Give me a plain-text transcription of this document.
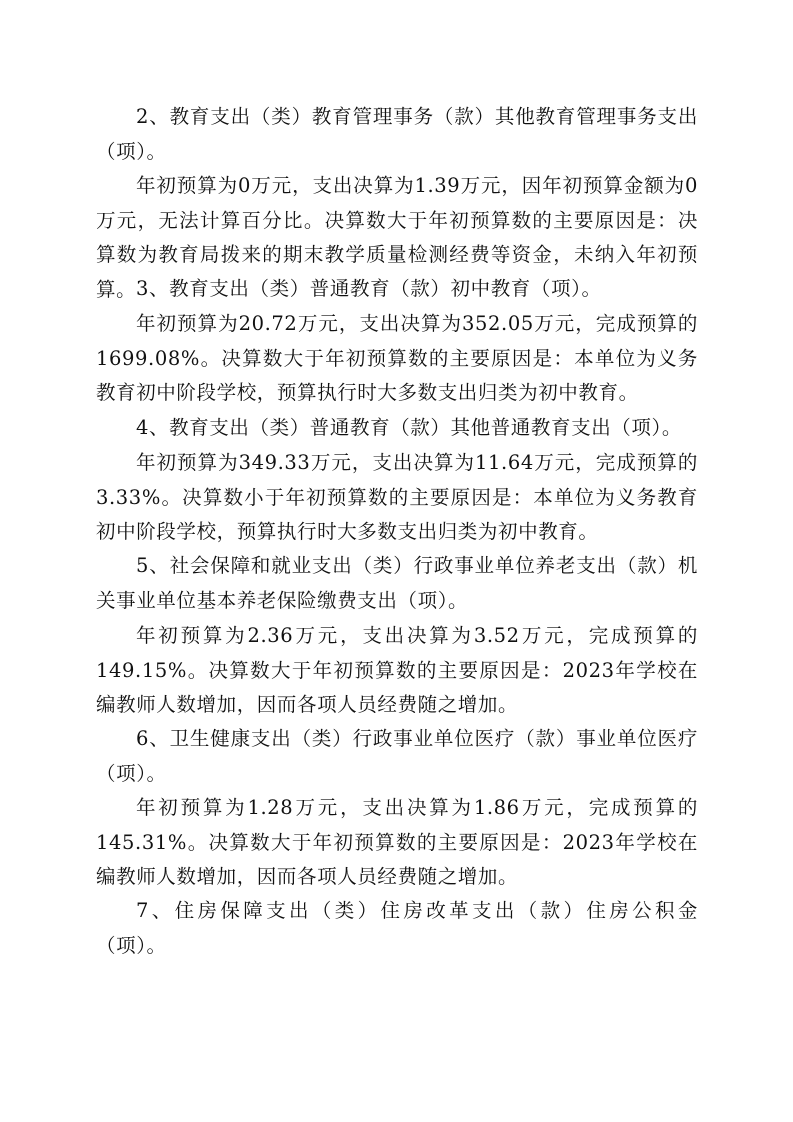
2、教育支出（类）教育管理事务（款）其他教育管理事务支出（项）。

年初预算为0万元，支出决算为1.39万元，因年初预算金额为0万元，无法计算百分比。决算数大于年初预算数的主要原因是：决算数为教育局拨来的期末教学质量检测经费等资金，未纳入年初预算。 3、教育支出（类）普通教育（款）初中教育（项）。

年初预算为20.72万元，支出决算为352.05万元，完成预算的1699.08%。决算数大于年初预算数的主要原因是：本单位为义务教育初中阶段学校，预算执行时大多数支出归类为初中教育。

4、教育支出（类）普通教育（款）其他普通教育支出（项）。

年初预算为349.33万元，支出决算为11.64万元，完成预算的3.33%。决算数小于年初预算数的主要原因是：本单位为义务教育初中阶段学校，预算执行时大多数支出归类为初中教育。

5、社会保障和就业支出（类）行政事业单位养老支出（款）机关事业单位基本养老保险缴费支出（项）。

年初预算为2.36万元，支出决算为3.52万元，完成预算的149.15%。决算数大于年初预算数的主要原因是：2023年学校在编教师人数增加，因而各项人员经费随之增加。

6、卫生健康支出（类）行政事业单位医疗（款）事业单位医疗（项）。

年初预算为1.28万元，支出决算为1.86万元，完成预算的145.31%。决算数大于年初预算数的主要原因是：2023年学校在编教师人数增加，因而各项人员经费随之增加。

7、住房保障支出（类）住房改革支出（款）住房公积金（项）。
